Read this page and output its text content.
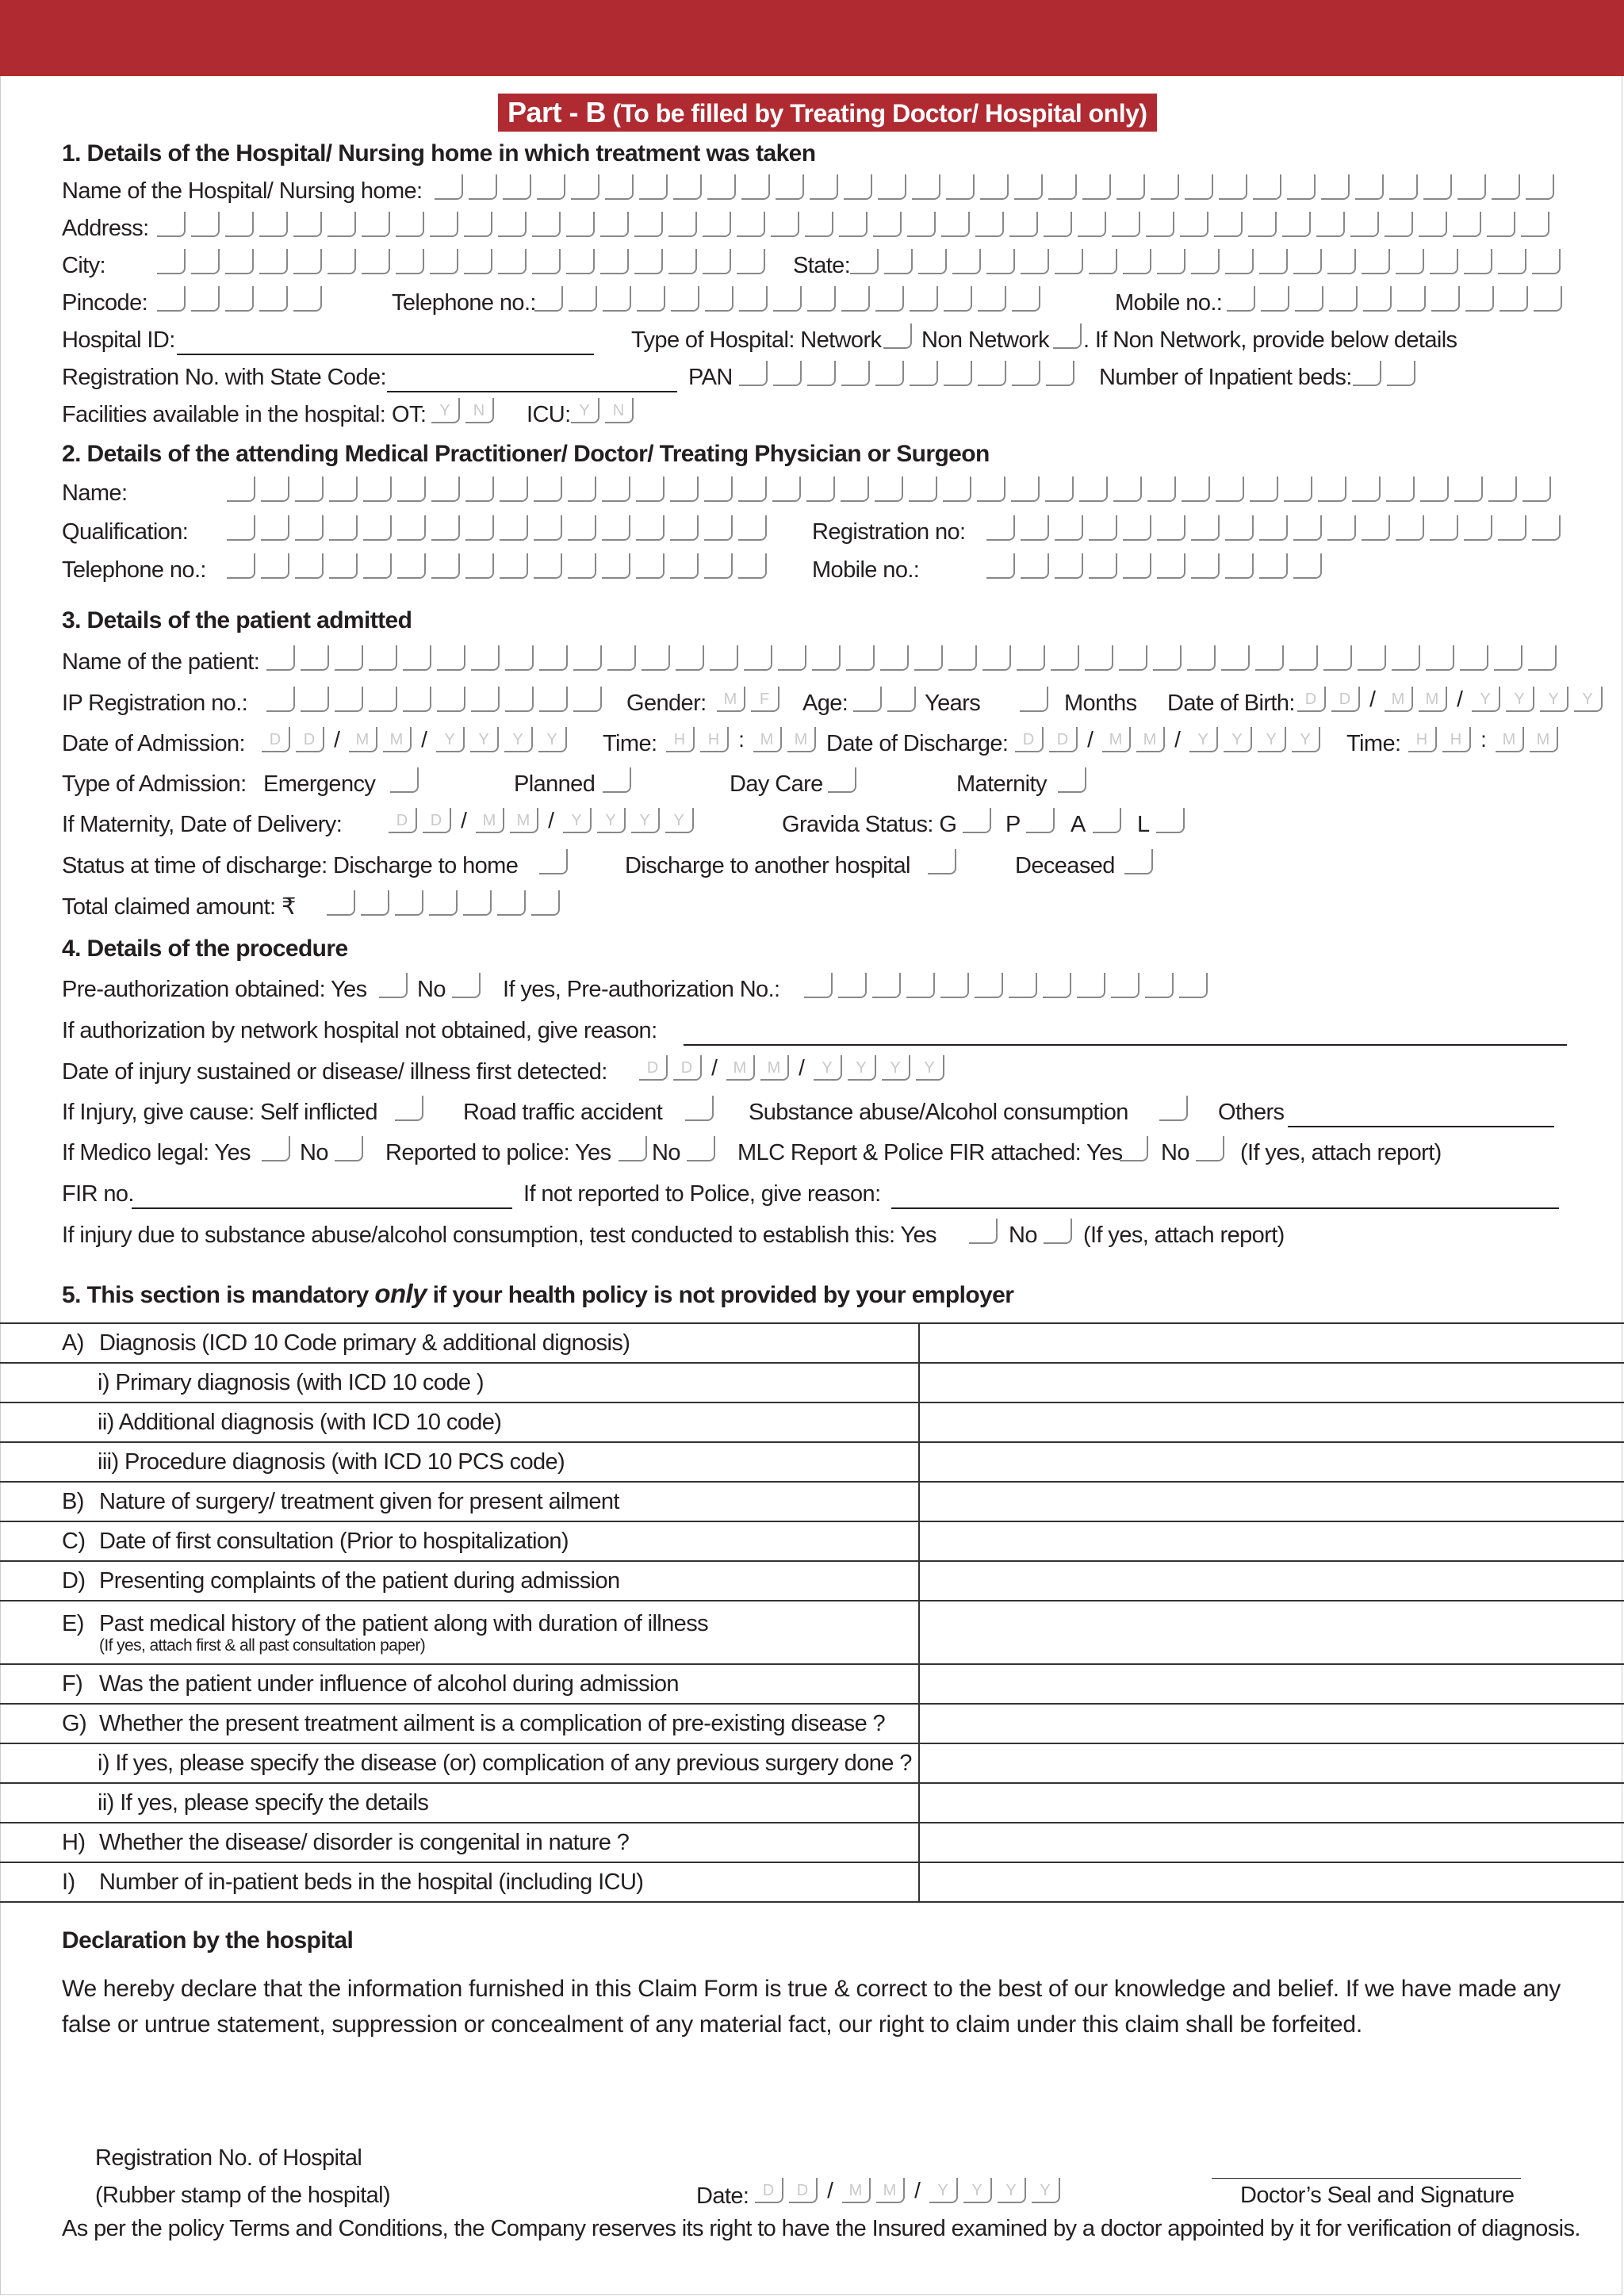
Part - B (To be filled by Treating Doctor/ Hospital only)
1. Details of the Hospital/ Nursing home in which treatment was taken
Name of the Hospital/ Nursing home:
Address:
City:	State:
Pincode:	Telephone no.:	Mobile no.:
Hospital ID:	Type of Hospital: Network Non Network . If Non Network, provide below details
Registration No. with State Code:	PAN	Number of Inpatient beds:
Facilities available in the hospital: OT: Y	N	ICU: Y	N
2. Details of the attending Medical Practitioner/ Doctor/ Treating Physician or Surgeon
Name:
Qualification:	Registration no:
Telephone no.:	Mobile no.:
3. Details of the patient admitted
Name of the patient:
IP Registration no.:	Gender:	M	F	Age:	Years	Months Date of Birth: D	D / M	M /	Y	Y	Y	Y
Date of Admission:	D	D / M	M /	Y	Y	Y	Y	Time:	H	H : M	M Date of Discharge: D	D / M	M /	Y	Y	Y	Y	Time: H	H : M	M
Type of Admission: Emergency	Planned	Day Care	Maternity
If Maternity, Date of Delivery:	D	D / M	M /	Y	Y	Y	Y	Gravida Status: G P A L
Status at time of discharge: Discharge to home	Discharge to another hospital	Deceased
Total claimed amount: ₹
4. Details of the procedure
Pre-authorization obtained: Yes No If yes, Pre-authorization No.:
If authorization by network hospital not obtained, give reason:
Date of injury sustained or disease/ illness first detected:	D	D / M	M /	Y	Y	Y	Y
If Injury, give cause: Self inflicted	Road traffic accident	Substance abuse/Alcohol consumption	Others
If Medico legal: Yes No Reported to police: Yes No MLC Report & Police FIR attached: Yes No (If yes, attach report)
FIR no.	If not reported to Police, give reason:
If injury due to substance abuse/alcohol consumption, test conducted to establish this: Yes	No (If yes, attach report)
5. This section is mandatory only if your health policy is not provided by your employer
A) Diagnosis (ICD 10 Code primary & additional dignosis)	

i) Primary diagnosis (with ICD 10 code )	

ii) Additional diagnosis (with ICD 10 code)	

iii) Procedure diagnosis (with ICD 10 PCS code)	

B) Nature of surgery/ treatment given for present ailment	

C) Date of first consultation (Prior to hospitalization)	

D) Presenting complaints of the patient during admission	

E) Past medical history of the patient along with duration of illness
(If yes, attach first & all past consultation paper)	

F) Was the patient under influence of alcohol during admission	

G) Whether the present treatment ailment is a complication of pre-existing disease ?	

i) If yes, please specify the disease (or) complication of any previous surgery done ?	

ii) If yes, please specify the details	

H) Whether the disease/ disorder is congenital in nature ?	

I) Number of in-patient beds in the hospital (including ICU)	

Declaration by the hospital
We hereby declare that the information furnished in this Claim Form is true & correct to the best of our knowledge and belief. If we have made any false or untrue statement, suppression or concealment of any material fact, our right to claim under this claim shall be forfeited.
Registration No. of Hospital
(Rubber stamp of the hospital)	Date: D	D / M	M /	Y	Y	Y	Y	Doctor’s Seal and Signature
As per the policy Terms and Conditions, the Company reserves its right to have the Insured examined by a doctor appointed by it for verification of diagnosis.
